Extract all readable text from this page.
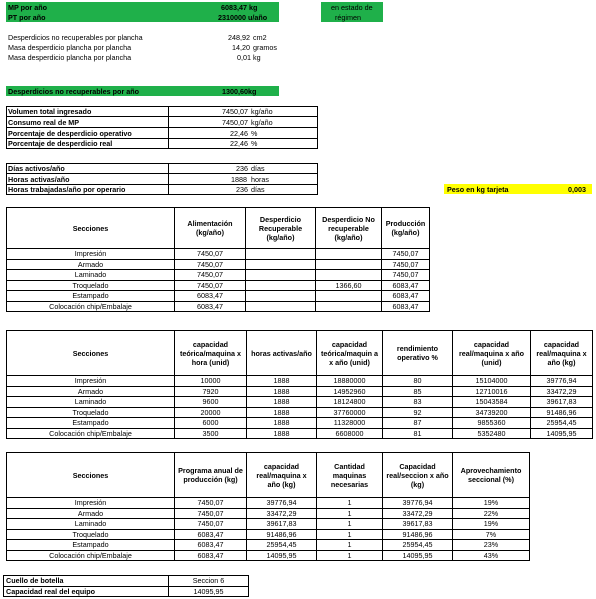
MP por año	6083,47 kg
PT por año	2310000 u/año
en estado de
régimen
Desperdicios no recuperables por plancha	248,92 cm2
Masa desperdicio plancha por plancha	14,20 gramos
Masa desperdicio plancha por plancha	0,01 kg
Desperdicios no recuperables por año	1300,60 kg
Volumen total ingresado	7450,07 kg/año
Consumo real de MP	7450,07 kg/año
Porcentaje de desperdicio operativo	22,46 %
Porcentaje de desperdicio real	22,46 %
Días activos/año	236 días
Horas activas/año	1888 horas
Horas trabajadas/año por operario	236 días	Peso en kg tarjeta	0,003
Secciones	Alimentación (kg/año)	Desperdicio Recuperable (kg/año)	Desperdicio No recuperable (kg/año)	Producción (kg/año)
Impresión	7450,07			7450,07
Armado	7450,07			7450,07
Laminado	7450,07			7450,07
Troquelado	7450,07		1366,60	6083,47
Estampado	6083,47			6083,47
Colocación chip/Embalaje	6083,47			6083,47
Secciones	capacidad teórica/maquina x hora (unid)	horas activas/año	capacidad teórica/maquin a x año (unid)	rendimiento operativo %	capacidad real/maquina x año (unid)	capacidad real/maquina x año (kg)
Impresión	10000	1888	18880000	80	15104000	39776,94
Armado	7920	1888	14952960	85	12710016	33472,29
Laminado	9600	1888	18124800	83	15043584	39617,83
Troquelado	20000	1888	37760000	92	34739200	91486,96
Estampado	6000	1888	11328000	87	9855360	25954,45
Colocación chip/Embalaje	3500	1888	6608000	81	5352480	14095,95
Secciones	Programa anual de producción (kg)	capacidad real/maquina x año (kg)	Cantidad maquinas necesarias	Capacidad real/seccion x año (kg)	Aprovechamiento seccional (%)
Impresión	7450,07	39776,94	1	39776,94	19%
Armado	7450,07	33472,29	1	33472,29	22%
Laminado	7450,07	39617,83	1	39617,83	19%
Troquelado	6083,47	91486,96	1	91486,96	7%
Estampado	6083,47	25954,45	1	25954,45	23%
Colocación chip/Embalaje	6083,47	14095,95	1	14095,95	43%
Cuello de botella	Seccion 6
Capacidad real del equipo	14095,95
